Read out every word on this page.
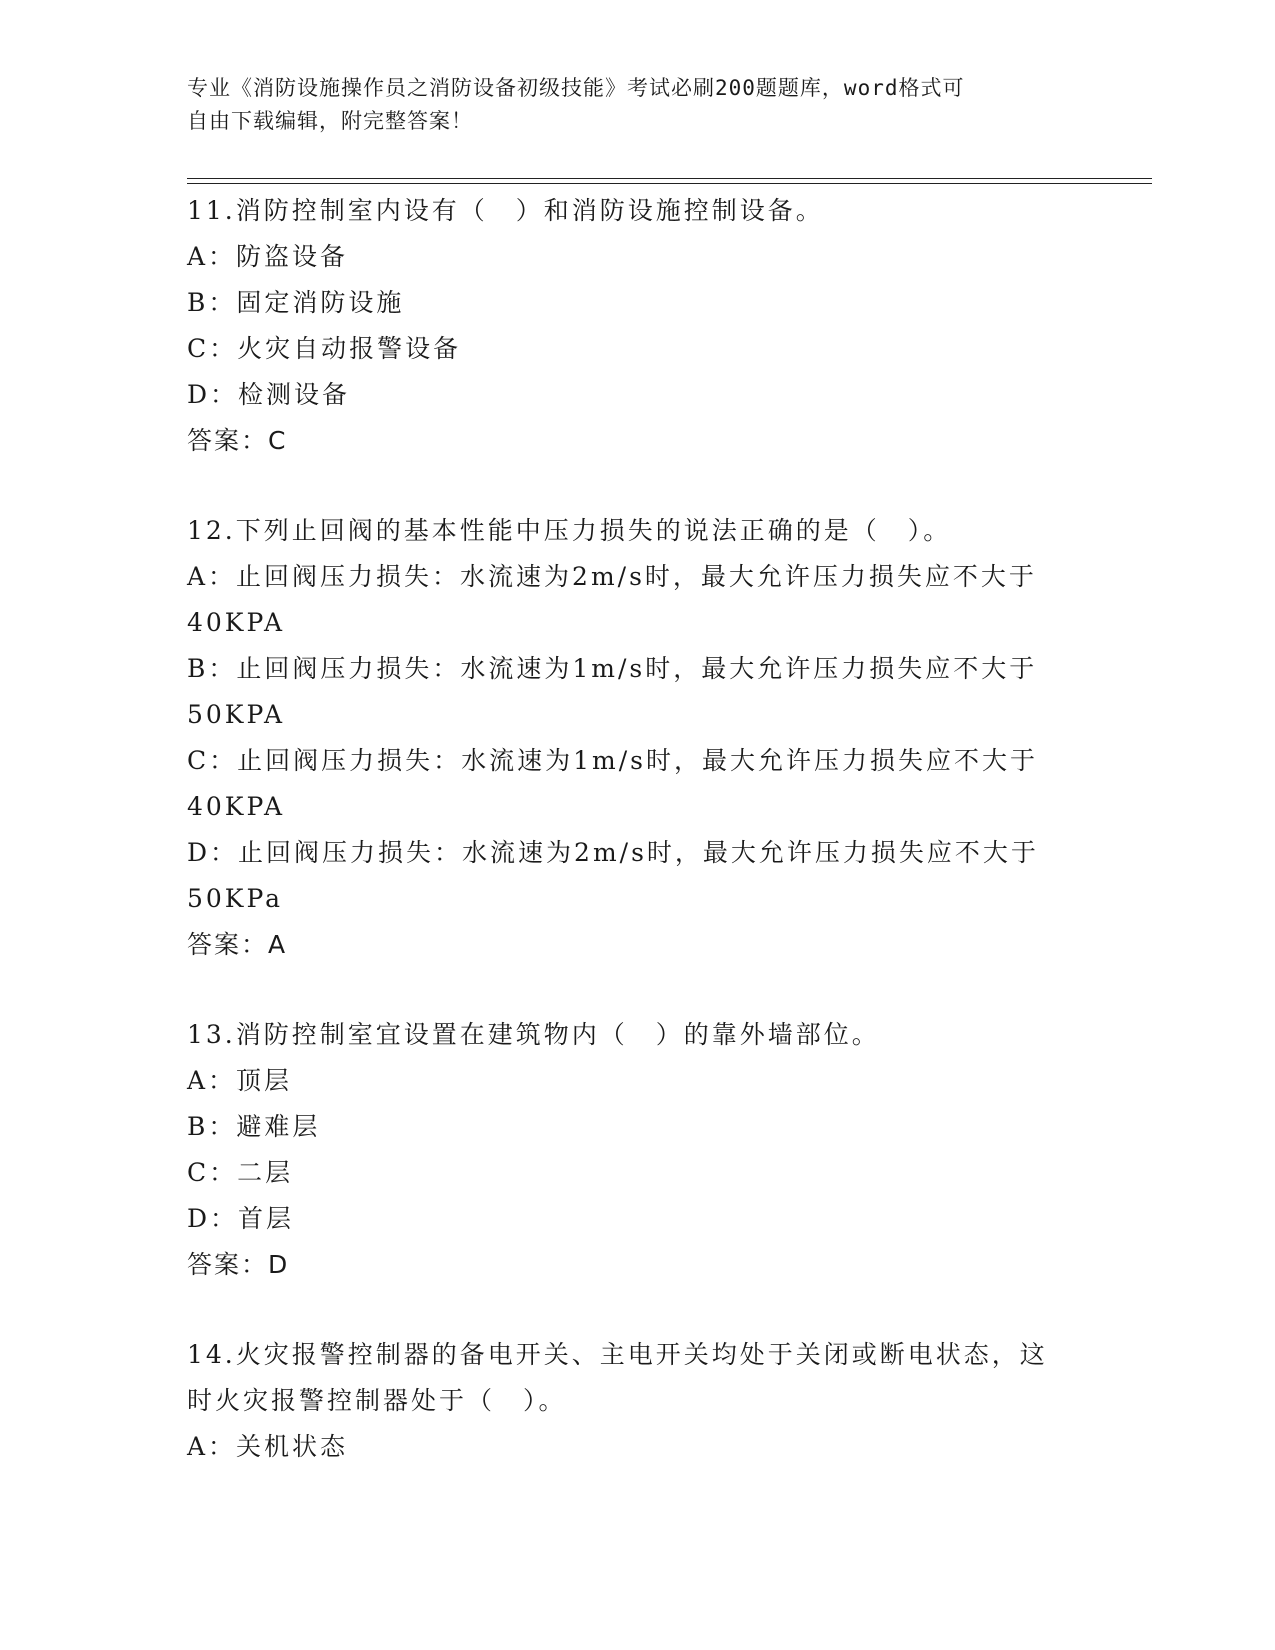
专业《消防设施操作员之消防设备初级技能》考试必刷200题题库，word格式可
自由下载编辑，附完整答案！
11.消防控制室内设有（　）和消防设施控制设备。
A：防盗设备
B：固定消防设施
C：火灾自动报警设备
D：检测设备
答案：C
12.下列止回阀的基本性能中压力损失的说法正确的是（　）。
A：止回阀压力损失：水流速为2m/s时，最大允许压力损失应不大于
40KPA
B：止回阀压力损失：水流速为1m/s时，最大允许压力损失应不大于
50KPA
C：止回阀压力损失：水流速为1m/s时，最大允许压力损失应不大于
40KPA
D：止回阀压力损失：水流速为2m/s时，最大允许压力损失应不大于
50KPa
答案：A
13.消防控制室宜设置在建筑物内（　）的靠外墙部位。
A：顶层
B：避难层
C：二层
D：首层
答案：D
14.火灾报警控制器的备电开关、主电开关均处于关闭或断电状态，这
时火灾报警控制器处于（　）。
A：关机状态
